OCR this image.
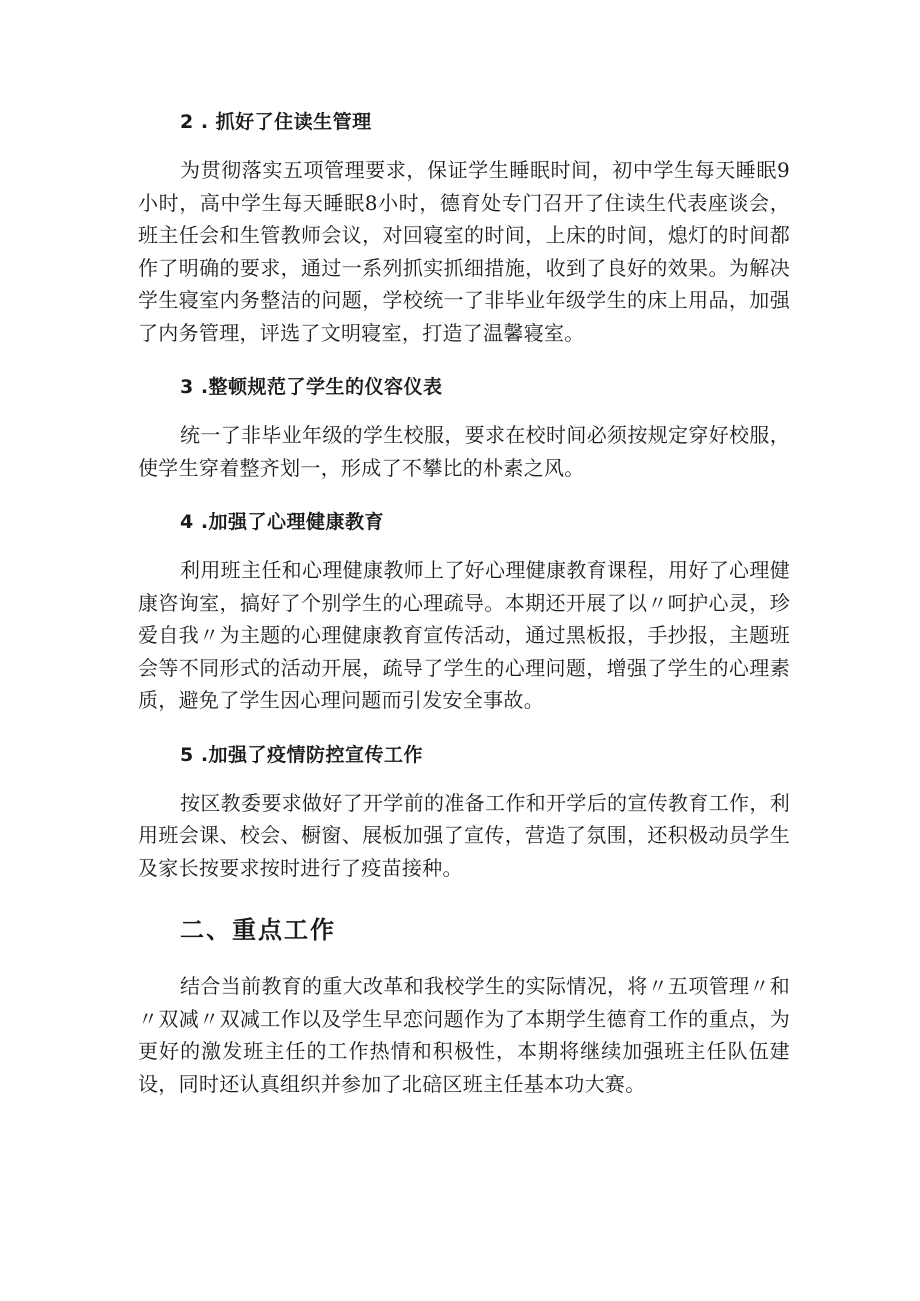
2 . 抓好了住读生管理

为贯彻落实五项管理要求，保证学生睡眠时间，初中学生每天睡眠9小时，高中学生每天睡眠8小时，德育处专门召开了住读生代表座谈会，班主任会和生管教师会议，对回寝室的时间，上床的时间，熄灯的时间都作了明确的要求，通过一系列抓实抓细措施，收到了良好的效果。为解决学生寝室内务整洁的问题，学校统一了非毕业年级学生的床上用品，加强了内务管理，评选了文明寝室，打造了温馨寝室。

3 .整顿规范了学生的仪容仪表

统一了非毕业年级的学生校服，要求在校时间必须按规定穿好校服，使学生穿着整齐划一，形成了不攀比的朴素之风。

4 .加强了心理健康教育

利用班主任和心理健康教师上了好心理健康教育课程，用好了心理健康咨询室，搞好了个别学生的心理疏导。本期还开展了以〃呵护心灵，珍爱自我〃为主题的心理健康教育宣传活动，通过黑板报，手抄报，主题班会等不同形式的活动开展，疏导了学生的心理问题，增强了学生的心理素质，避免了学生因心理问题而引发安全事故。

5 .加强了疫情防控宣传工作

按区教委要求做好了开学前的准备工作和开学后的宣传教育工作，利用班会课、校会、橱窗、展板加强了宣传，营造了氛围，还积极动员学生及家长按要求按时进行了疫苗接种。

二、重点工作

结合当前教育的重大改革和我校学生的实际情况，将〃五项管理〃和〃双减〃双减工作以及学生早恋问题作为了本期学生德育工作的重点，为更好的激发班主任的工作热情和积极性，本期将继续加强班主任队伍建设，同时还认真组织并参加了北碚区班主任基本功大赛。
